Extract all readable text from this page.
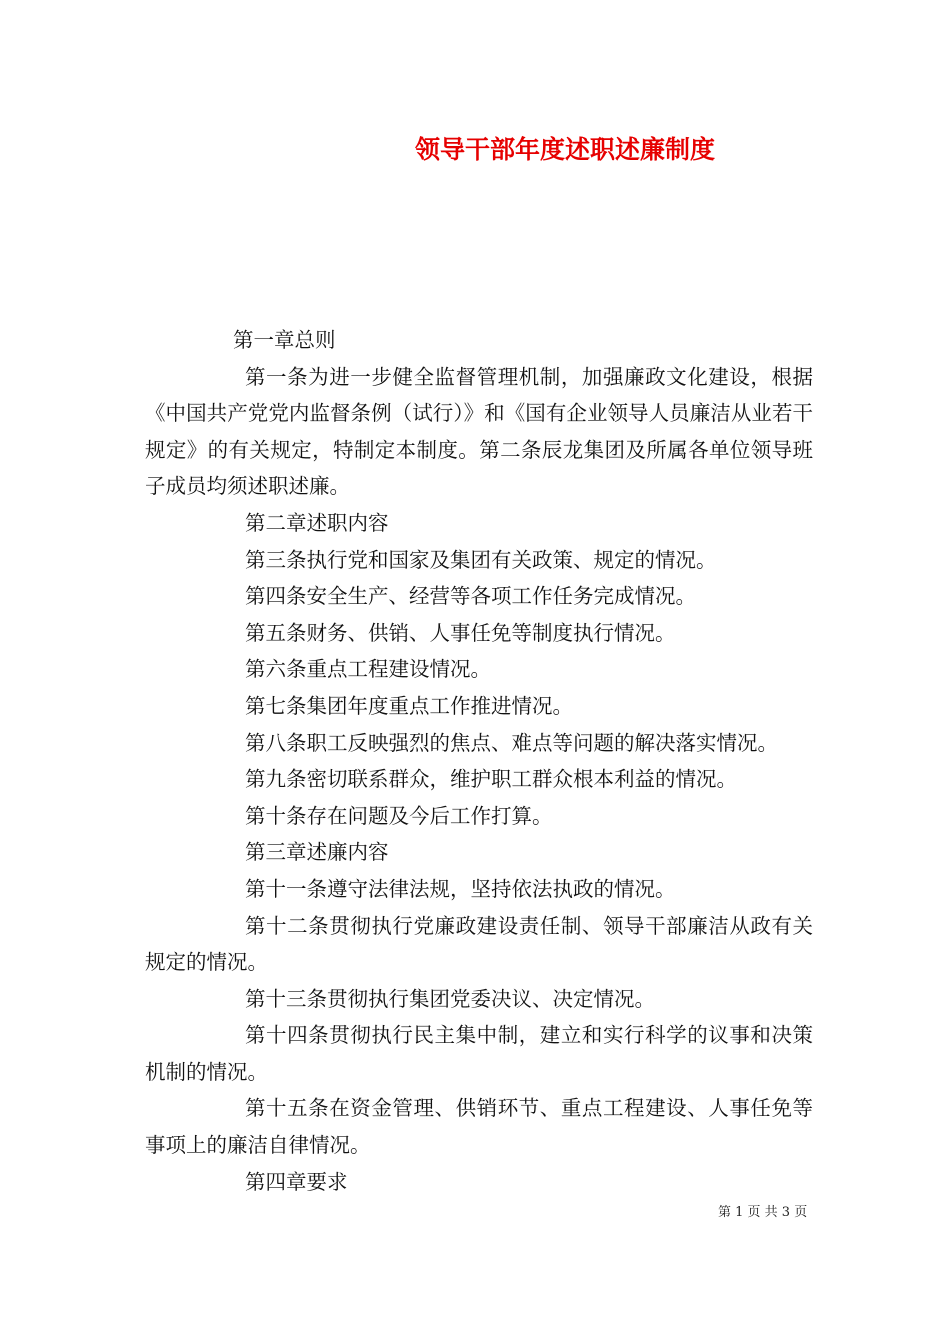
领导干部年度述职述廉制度

第一章总则

第一条为进一步健全监督管理机制，加强廉政文化建设，根据《中国共产党党内监督条例（试行）》和《国有企业领导人员廉洁从业若干规定》的有关规定，特制定本制度。第二条辰龙集团及所属各单位领导班子成员均须述职述廉。

第二章述职内容

第三条执行党和国家及集团有关政策、规定的情况。

第四条安全生产、经营等各项工作任务完成情况。

第五条财务、供销、人事任免等制度执行情况。

第六条重点工程建设情况。

第七条集团年度重点工作推进情况。

第八条职工反映强烈的焦点、难点等问题的解决落实情况。

第九条密切联系群众，维护职工群众根本利益的情况。

第十条存在问题及今后工作打算。

第三章述廉内容

第十一条遵守法律法规，坚持依法执政的情况。

第十二条贯彻执行党廉政建设责任制、领导干部廉洁从政有关规定的情况。

第十三条贯彻执行集团党委决议、决定情况。

第十四条贯彻执行民主集中制，建立和实行科学的议事和决策机制的情况。

第十五条在资金管理、供销环节、重点工程建设、人事任免等事项上的廉洁自律情况。

第四章要求

第 1 页 共 3 页
